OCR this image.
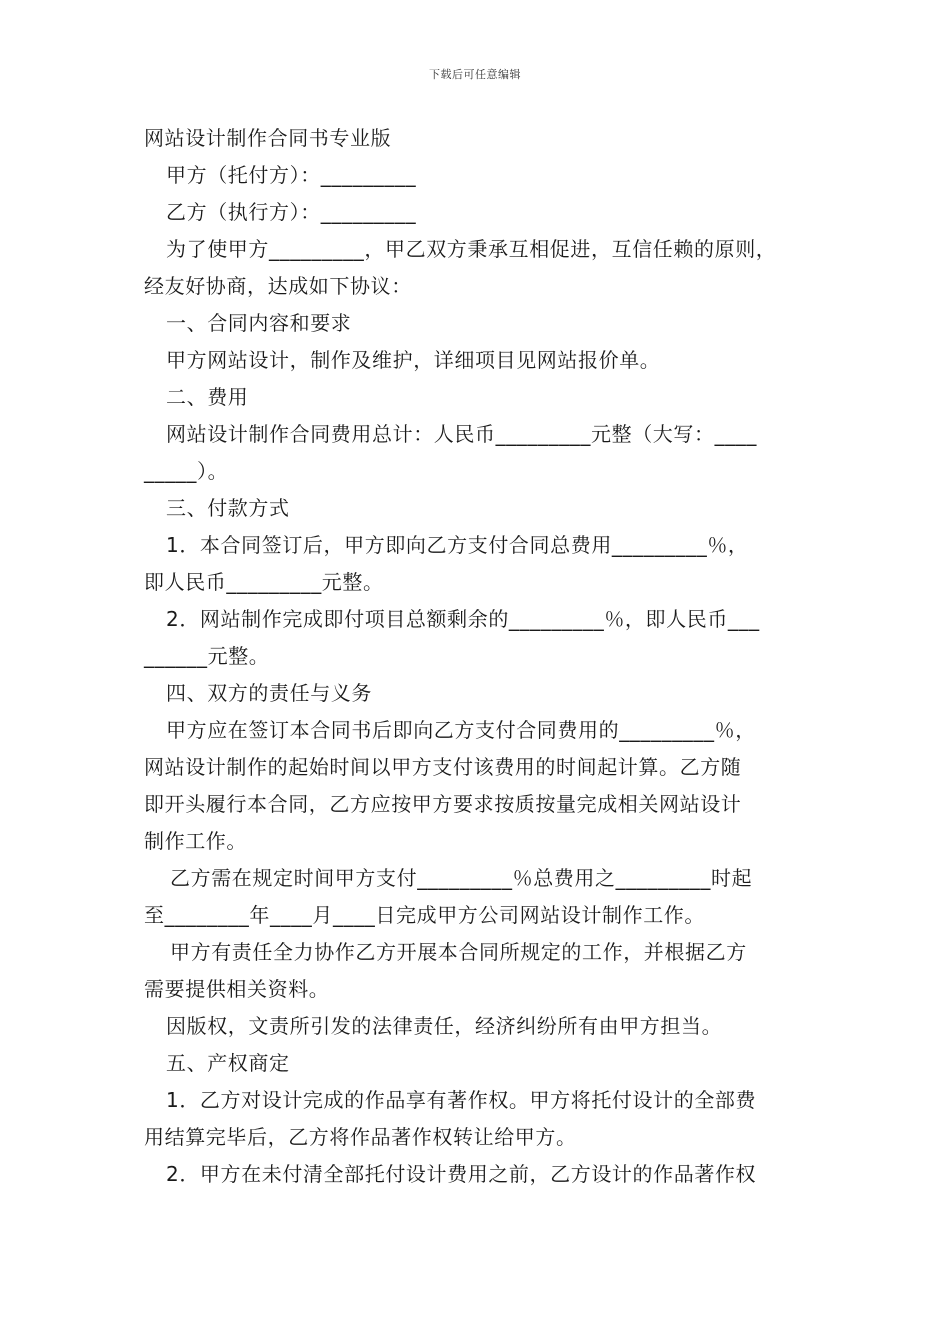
下载后可任意编辑
网站设计制作合同书专业版
甲方（托付方）：_________
乙方（执行方）：_________
为了使甲方_________，甲乙双方秉承互相促进，互信任赖的原则，
经友好协商，达成如下协议：
一、合同内容和要求
甲方网站设计，制作及维护，详细项目见网站报价单。
二、费用
网站设计制作合同费用总计：人民币_________元整（大写：____
_____）。
三、付款方式
1．本合同签订后，甲方即向乙方支付合同总费用_________％，
即人民币_________元整。
2．网站制作完成即付项目总额剩余的_________％，即人民币___
______元整。
四、双方的责任与义务
甲方应在签订本合同书后即向乙方支付合同费用的_________％，
网站设计制作的起始时间以甲方支付该费用的时间起计算。乙方随
即开头履行本合同，乙方应按甲方要求按质按量完成相关网站设计
制作工作。
乙方需在规定时间甲方支付_________％总费用之_________时起
至________年____月____日完成甲方公司网站设计制作工作。
甲方有责任全力协作乙方开展本合同所规定的工作，并根据乙方
需要提供相关资料。
因版权，文责所引发的法律责任，经济纠纷所有由甲方担当。
五、产权商定
1．乙方对设计完成的作品享有著作权。甲方将托付设计的全部费
用结算完毕后，乙方将作品著作权转让给甲方。
2．甲方在未付清全部托付设计费用之前，乙方设计的作品著作权
